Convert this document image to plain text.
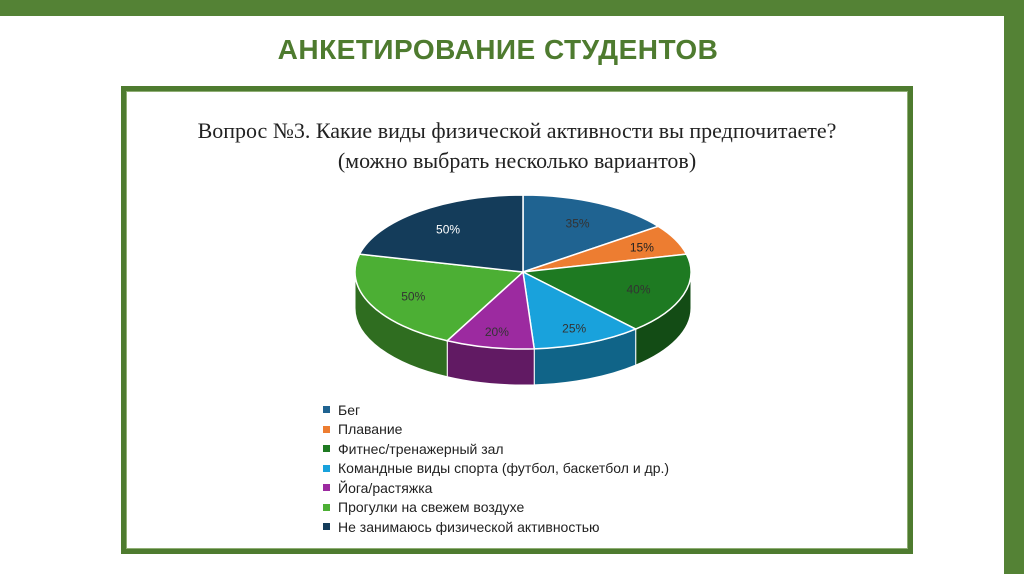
АНКЕТИРОВАНИЕ СТУДЕНТОВ
Вопрос №3. Какие виды физической активности вы предпочитаете? (можно выбрать несколько вариантов)
35%
15%
40%
25%
20%
50%
50%
Бег
Плавание
Фитнес/тренажерный зал
Командные виды спорта (футбол, баскетбол и др.)
Йога/растяжка
Прогулки на свежем воздухе
Не занимаюсь физической активностью
